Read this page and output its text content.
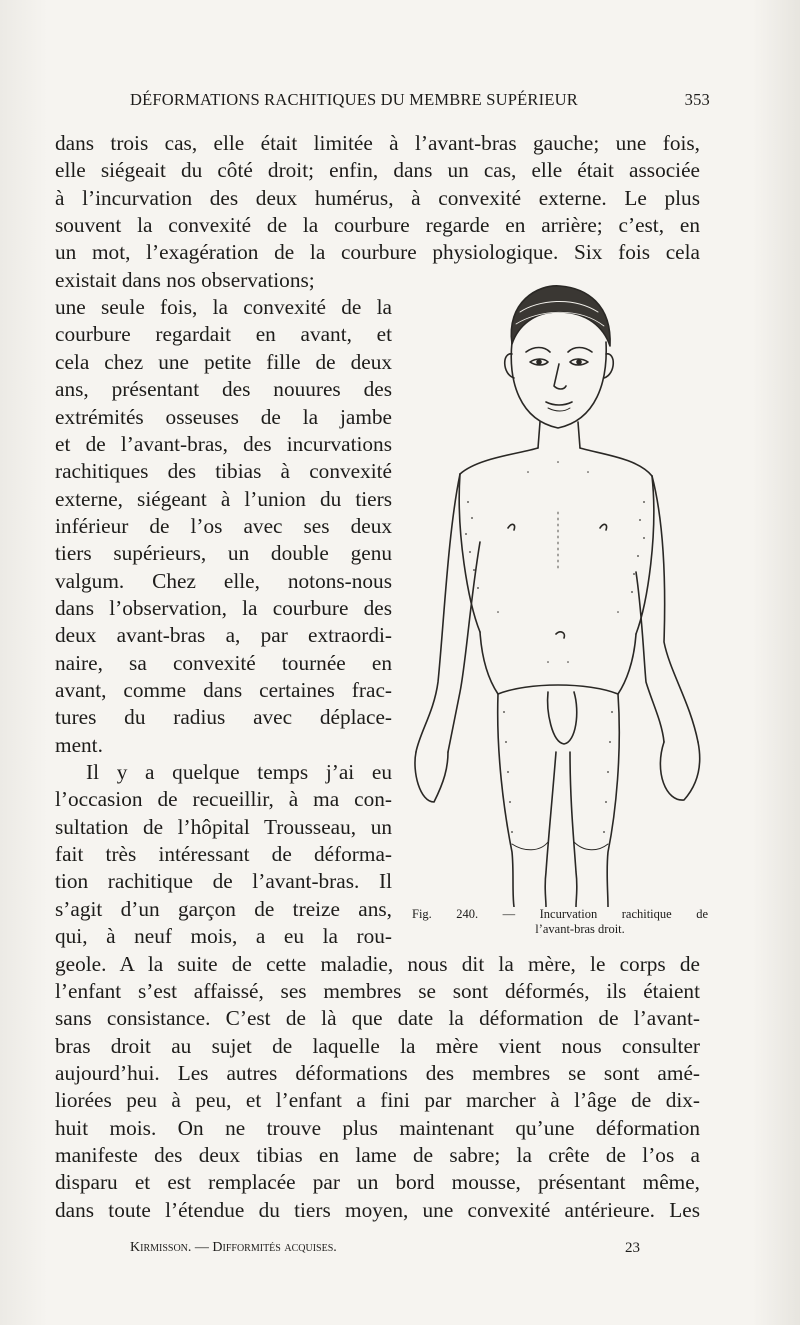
DÉFORMATIONS RACHITIQUES DU MEMBRE SUPÉRIEUR	353
dans trois cas, elle était limitée à l’avant-bras gauche; une fois,
elle siégeait du côté droit; enfin, dans un cas, elle était associée
à l’incurvation des deux humérus, à convexité externe. Le plus
souvent la convexité de la courbure regarde en arrière; c’est, en
un mot, l’exagération de la courbure physiologique. Six fois cela
existait dans nos observations;
une seule fois, la convexité de la
courbure regardait en avant, et
cela chez une petite fille de deux
ans, présentant des nouures des
extrémités osseuses de la jambe
et de l’avant-bras, des incurvations
rachitiques des tibias à convexité
externe, siégeant à l’union du tiers
inférieur de l’os avec ses deux
tiers supérieurs, un double genu
valgum. Chez elle, notons-nous
dans l’observation, la courbure des
deux avant-bras a, par extraordi-
naire, sa convexité tournée en
avant, comme dans certaines frac-
tures du radius avec déplace-
ment.
Il y a quelque temps j’ai eu
l’occasion de recueillir, à ma con-
sultation de l’hôpital Trousseau, un
fait très intéressant de déforma-
tion rachitique de l’avant-bras. Il
s’agit d’un garçon de treize ans,
qui, à neuf mois, a eu la rou-
geole. A la suite de cette maladie, nous dit la mère, le corps de
l’enfant s’est affaissé, ses membres se sont déformés, ils étaient
sans consistance. C’est de là que date la déformation de l’avant-
bras droit au sujet de laquelle la mère vient nous consulter
aujourd’hui. Les autres déformations des membres se sont amé-
liorées peu à peu, et l’enfant a fini par marcher à l’âge de dix-
huit mois. On ne trouve plus maintenant qu’une déformation
manifeste des deux tibias en lame de sabre; la crête de l’os a
disparu et est remplacée par un bord mousse, présentant même,
dans toute l’étendue du tiers moyen, une convexité antérieure. Les
Fig. 240. — Incurvation rachitique de
l’avant-bras droit.
Kirmisson. — Difformités acquises.	23
